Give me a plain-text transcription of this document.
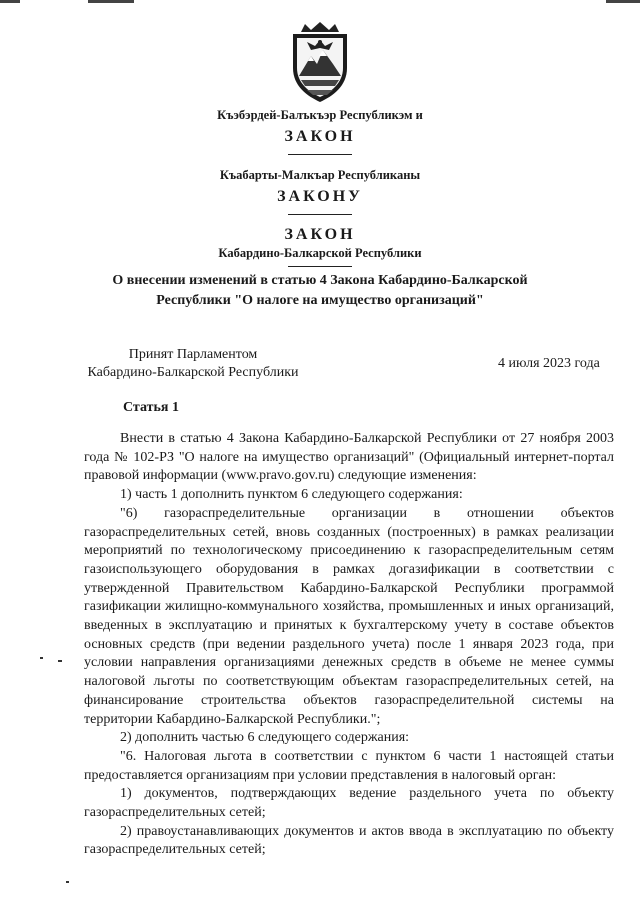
Къэбэрдей-Балъкъэр Республикэм и
ЗАКОН
Къабарты-Малкъар Республиканы
ЗАКОНУ
ЗАКОН
Кабардино-Балкарской Республики
О внесении изменений в статью 4 Закона Кабардино-Балкарской
Республики "О налоге на имущество организаций"
Принят Парламентом
Кабардино-Балкарской Республики
4 июля 2023 года
Статья 1

Внести в статью 4 Закона Кабардино-Балкарской Республики от 27 ноября 2003 года № 102-РЗ "О налоге на имущество организаций" (Официальный интернет-портал правовой информации (www.pravo.gov.ru) следующие изменения:

1) часть 1 дополнить пунктом 6 следующего содержания:

"6) газораспределительные организации в отношении объектов газораспределительных сетей, вновь созданных (построенных) в рамках реализации мероприятий по технологическому присоединению к газораспределительным сетям газоиспользующего оборудования в рамках догазификации в соответствии с утвержденной Правительством Кабардино-Балкарской Республики программой газификации жилищно-коммунального хозяйства, промышленных и иных организаций, введенных в эксплуатацию и принятых к бухгалтерскому учету в составе объектов основных средств (при ведении раздельного учета) после 1 января 2023 года, при условии направления организациями денежных средств в объеме не менее суммы налоговой льготы по соответствующим объектам газораспределительных сетей, на финансирование строительства объектов газораспределительной системы на территории Кабардино-Балкарской Республики.";

2) дополнить частью 6 следующего содержания:

"6. Налоговая льгота в соответствии с пунктом 6 части 1 настоящей статьи предоставляется организациям при условии представления в налоговый орган:

1) документов, подтверждающих ведение раздельного учета по объекту газораспределительных сетей;

2) правоустанавливающих документов и актов ввода в эксплуатацию по объекту газораспределительных сетей;
